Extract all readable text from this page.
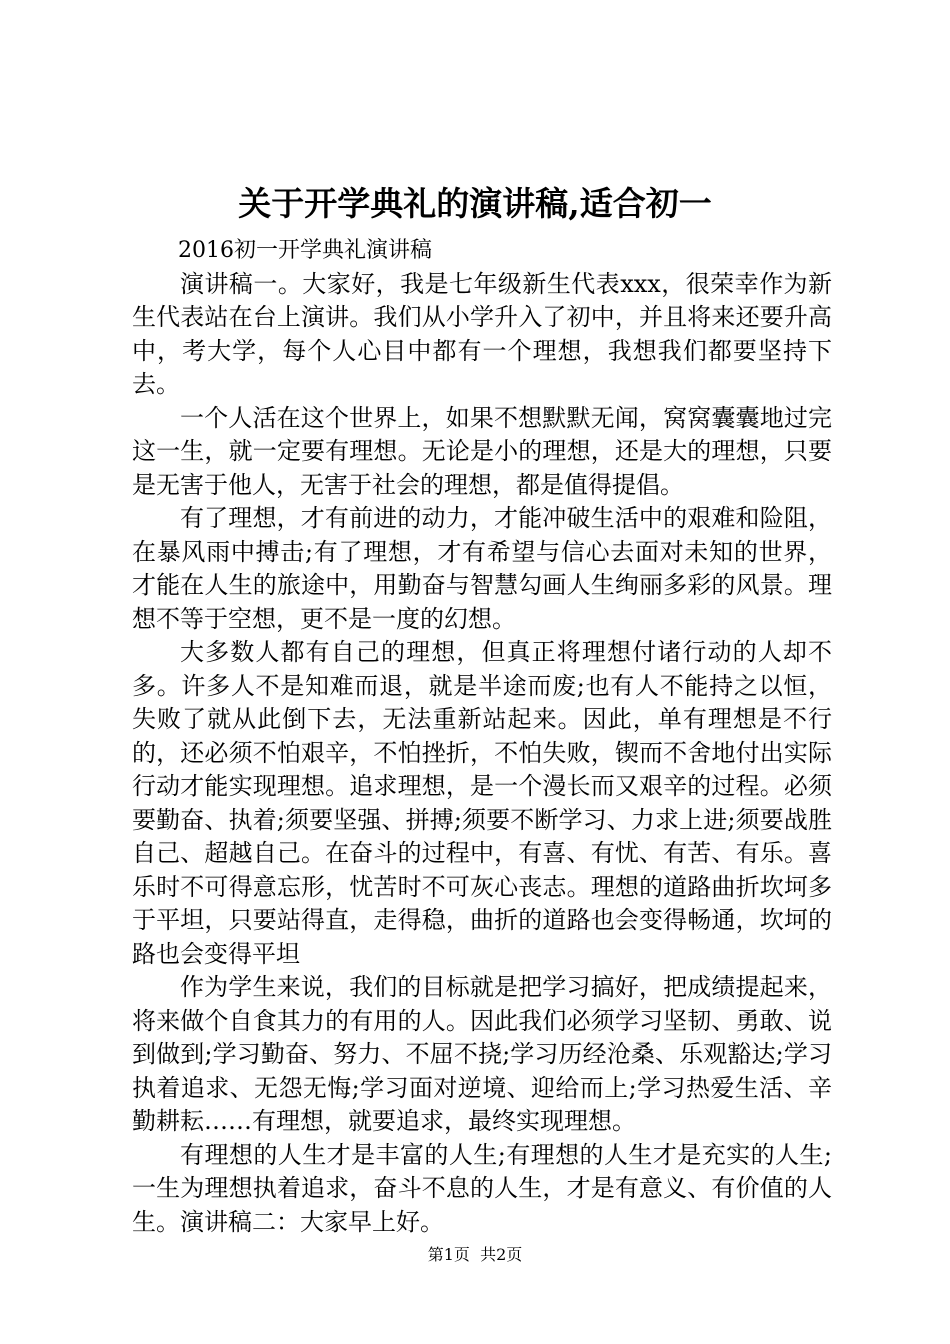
关于开学典礼的演讲稿,适合初一

2016初一开学典礼演讲稿

演讲稿一。大家好，我是七年级新生代表xxx，很荣幸作为新生代表站在台上演讲。我们从小学升入了初中，并且将来还要升高中，考大学，每个人心目中都有一个理想，我想我们都要坚持下去。

一个人活在这个世界上，如果不想默默无闻，窝窝囊囊地过完这一生，就一定要有理想。无论是小的理想，还是大的理想，只要是无害于他人，无害于社会的理想，都是值得提倡。

有了理想，才有前进的动力，才能冲破生活中的艰难和险阻，在暴风雨中搏击;有了理想，才有希望与信心去面对未知的世界，才能在人生的旅途中，用勤奋与智慧勾画人生绚丽多彩的风景。理想不等于空想，更不是一度的幻想。

大多数人都有自己的理想，但真正将理想付诸行动的人却不多。许多人不是知难而退，就是半途而废;也有人不能持之以恒，失败了就从此倒下去，无法重新站起来。因此，单有理想是不行的，还必须不怕艰辛，不怕挫折，不怕失败，锲而不舍地付出实际行动才能实现理想。追求理想，是一个漫长而又艰辛的过程。必须要勤奋、执着;须要坚强、拼搏;须要不断学习、力求上进;须要战胜自己、超越自己。在奋斗的过程中，有喜、有忧、有苦、有乐。喜乐时不可得意忘形，忧苦时不可灰心丧志。理想的道路曲折坎坷多于平坦，只要站得直，走得稳，曲折的道路也会变得畅通，坎坷的路也会变得平坦

作为学生来说，我们的目标就是把学习搞好，把成绩提起来，将来做个自食其力的有用的人。因此我们必须学习坚韧、勇敢、说到做到;学习勤奋、努力、不屈不挠;学习历经沧桑、乐观豁达;学习执着追求、无怨无悔;学习面对逆境、迎给而上;学习热爱生活、辛勤耕耘……有理想，就要追求，最终实现理想。

有理想的人生才是丰富的人生;有理想的人生才是充实的人生;一生为理想执着追求，奋斗不息的人生，才是有意义、有价值的人生。演讲稿二：大家早上好。

第1页  共2页
